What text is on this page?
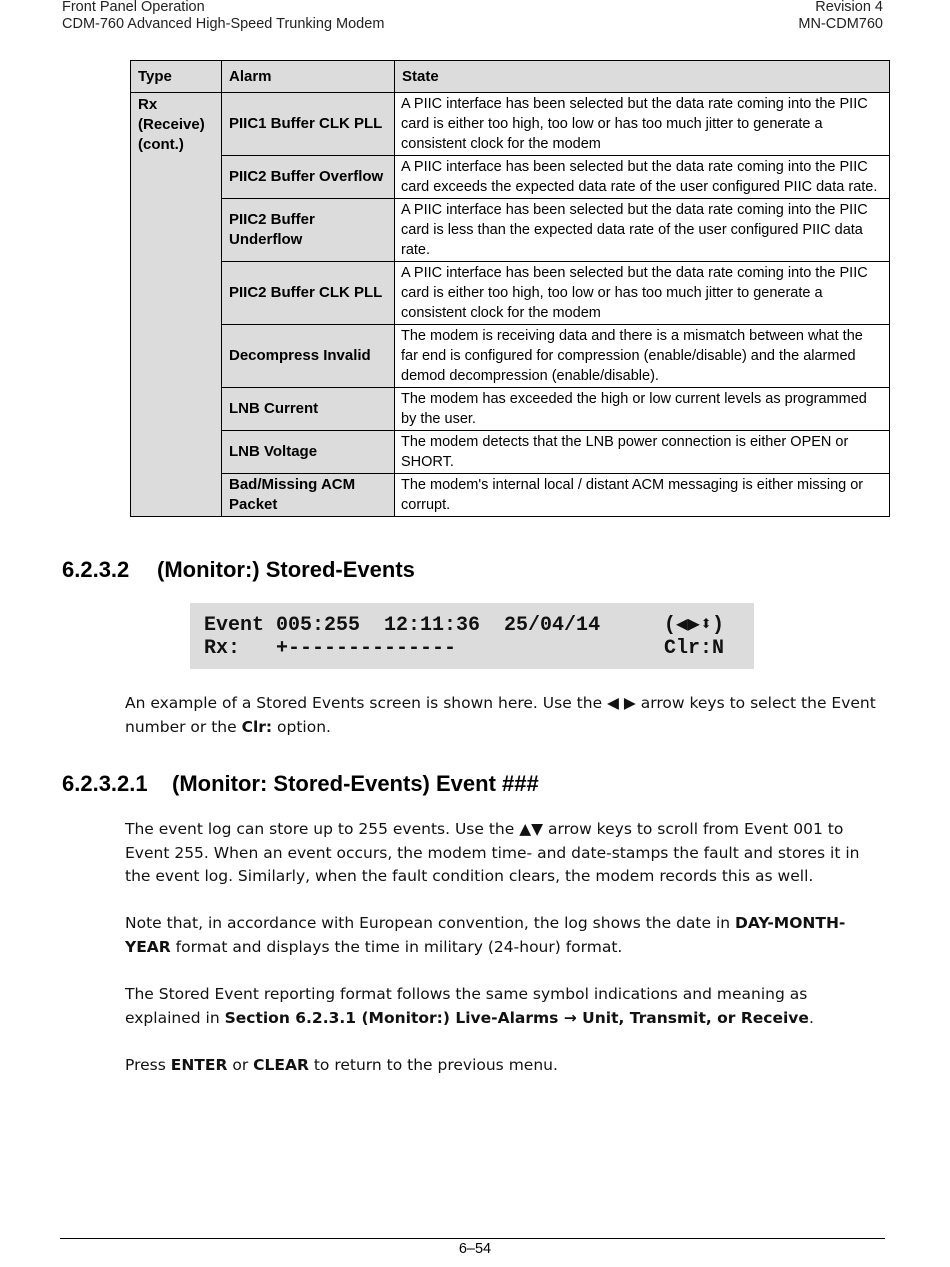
Front Panel Operation
CDM-760 Advanced High-Speed Trunking Modem
Revision 4
MN-CDM760
Type	Alarm	State

Rx
(Receive)
(cont.)	PIIC1 Buffer CLK PLL	A PIIC interface has been selected but the data rate coming into the PIIC card is either too high, too low or has too much jitter to generate a consistent clock for the modem
	PIIC2 Buffer Overflow	A PIIC interface has been selected but the data rate coming into the PIIC card exceeds the expected data rate of the user configured PIIC data rate.
	PIIC2 Buffer Underflow	A PIIC interface has been selected but the data rate coming into the PIIC card is less than the expected data rate of the user configured PIIC data rate.
	PIIC2 Buffer CLK PLL	A PIIC interface has been selected but the data rate coming into the PIIC card is either too high, too low or has too much jitter to generate a consistent clock for the modem
	Decompress Invalid	The modem is receiving data and there is a mismatch between what the far end is configured for compression (enable/disable) and the alarmed demod decompression (enable/disable).
	LNB Current	The modem has exceeded the high or low current levels as programmed by the user.
	LNB Voltage	The modem detects that the LNB power connection is either OPEN or SHORT.
	Bad/Missing ACM Packet	The modem's internal local / distant ACM messaging is either missing or corrupt.
6.2.3.2 (Monitor:) Stored-Events
Event 005:255  12:11:36  25/04/14	(◀▶⬍)
Rx:   +--------------	Clr:N
An example of a Stored Events screen is shown here. Use the ◀ ▶ arrow keys to select the Event number or the Clr: option.
6.2.3.2.1 (Monitor: Stored-Events) Event ###
The event log can store up to 255 events. Use the ▲▼ arrow keys to scroll from Event 001 to Event 255. When an event occurs, the modem time- and date-stamps the fault and stores it in the event log. Similarly, when the fault condition clears, the modem records this as well.
Note that, in accordance with European convention, the log shows the date in DAY-MONTH-YEAR format and displays the time in military (24-hour) format.
The Stored Event reporting format follows the same symbol indications and meaning as explained in Section 6.2.3.1 (Monitor:) Live-Alarms → Unit, Transmit, or Receive.
Press ENTER or CLEAR to return to the previous menu.
6–54
